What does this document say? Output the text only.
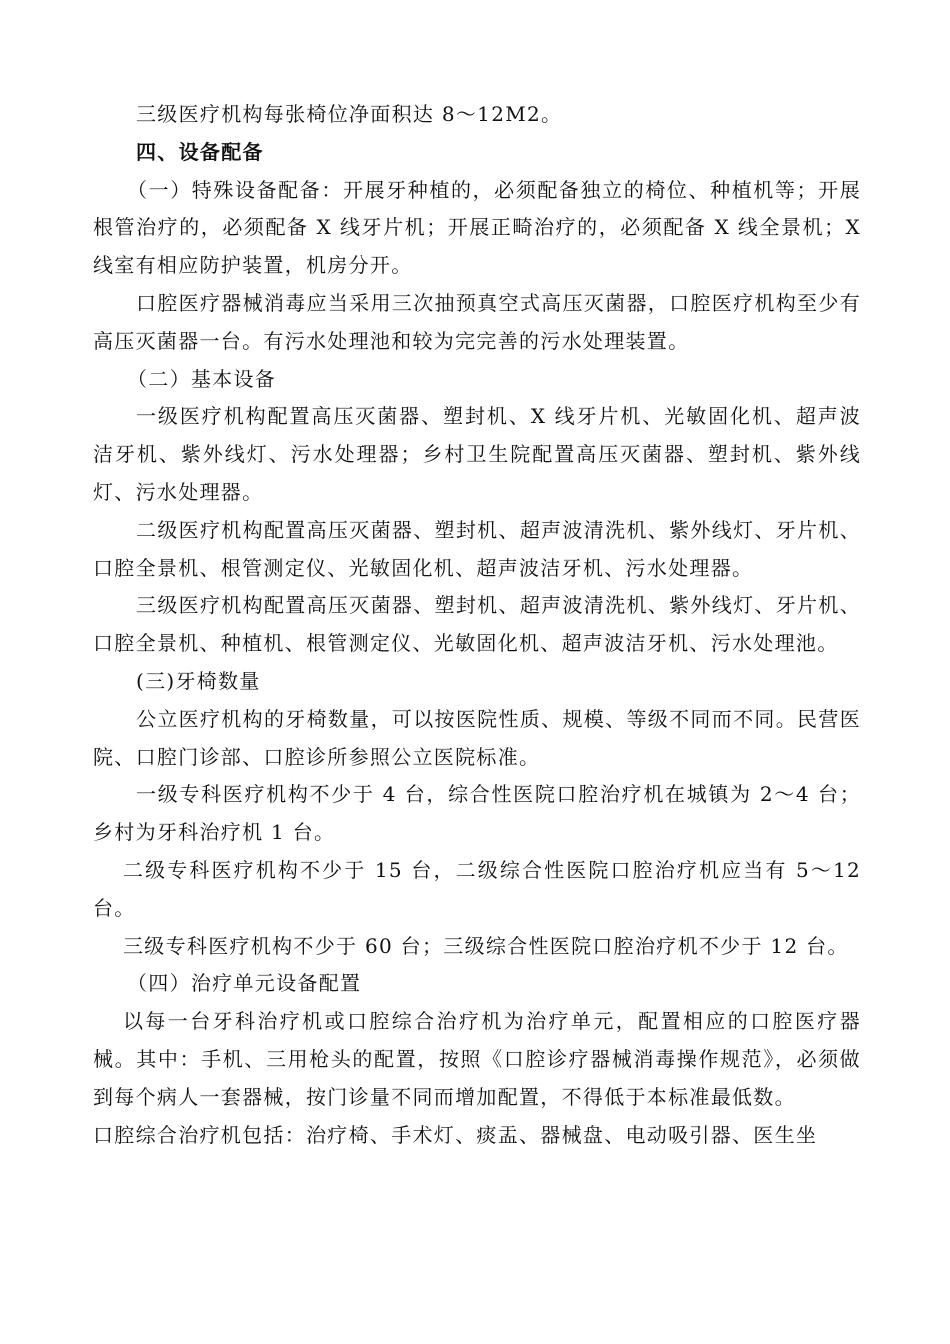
三级医疗机构每张椅位净面积达 8～12M2。

四、设备配备

（一）特殊设备配备：开展牙种植的，必须配备独立的椅位、种植机等；开展根管治疗的，必须配备 X 线牙片机；开展正畸治疗的，必须配备 X 线全景机；X 线室有相应防护装置，机房分开。

口腔医疗器械消毒应当采用三次抽预真空式高压灭菌器，口腔医疗机构至少有高压灭菌器一台。有污水处理池和较为完完善的污水处理装置。

（二）基本设备

一级医疗机构配置高压灭菌器、塑封机、X 线牙片机、光敏固化机、超声波洁牙机、紫外线灯、污水处理器；乡村卫生院配置高压灭菌器、塑封机、紫外线灯、污水处理器。

二级医疗机构配置高压灭菌器、塑封机、超声波清洗机、紫外线灯、牙片机、口腔全景机、根管测定仪、光敏固化机、超声波洁牙机、污水处理器。

三级医疗机构配置高压灭菌器、塑封机、超声波清洗机、紫外线灯、牙片机、口腔全景机、种植机、根管测定仪、光敏固化机、超声波洁牙机、污水处理池。

(三)牙椅数量

公立医疗机构的牙椅数量，可以按医院性质、规模、等级不同而不同。民营医院、口腔门诊部、口腔诊所参照公立医院标准。

一级专科医疗机构不少于 4 台，综合性医院口腔治疗机在城镇为 2～4 台；乡村为牙科治疗机 1 台。

二级专科医疗机构不少于 15 台，二级综合性医院口腔治疗机应当有 5～12 台。

三级专科医疗机构不少于 60 台；三级综合性医院口腔治疗机不少于 12 台。

（四）治疗单元设备配置

以每一台牙科治疗机或口腔综合治疗机为治疗单元，配置相应的口腔医疗器械。其中：手机、三用枪头的配置，按照《口腔诊疗器械消毒操作规范》，必须做到每个病人一套器械，按门诊量不同而增加配置，不得低于本标准最低数。

口腔综合治疗机包括：治疗椅、手术灯、痰盂、器械盘、电动吸引器、医生坐
